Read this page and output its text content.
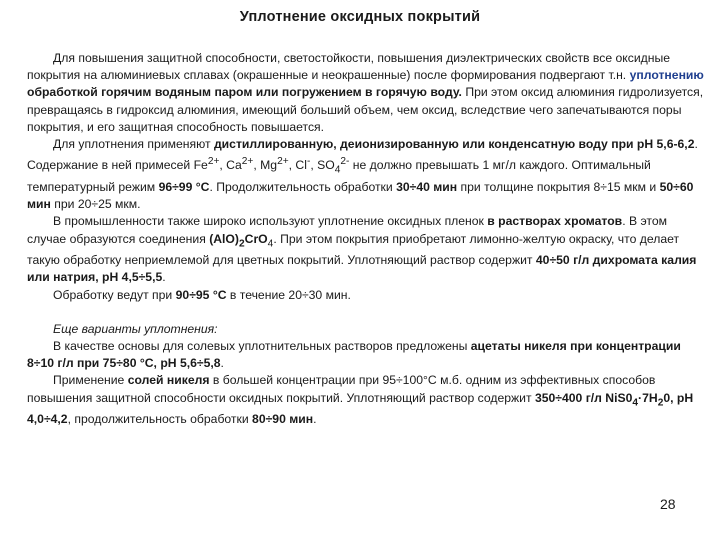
Уплотнение оксидных покрытий

Для повышения защитной способности, светостойкости, повышения диэлектрических свойств все оксидные покрытия на алюминиевых сплавах (окрашенные и неокрашенные) после формирования подвергают т.н. уплотнению обработкой горячим водяным паром или погружением в горячую воду. При этом оксид алюминия гидролизуется, превращаясь в гидроксид алюминия, имеющий больший объем, чем оксид, вследствие чего запечатываются поры покрытия, и его защитная способность повышается.

Для уплотнения применяют дистиллированную, деионизированную или конденсатную воду при рН 5,6-6,2. Содержание в ней примесей $Fe^{2+}$, $Ca^{2+}$, $Mg^{2+}$, Cl-, $SO_4^{2-}$ не должно превышать 1 мг/л каждого. Оптимальный температурный режим 96÷99 °С. Продолжительность обработки 30÷40 мин при толщине покрытия 8÷15 мкм и 50÷60 мин при 20÷25 мкм.

В промышленности также широко используют уплотнение оксидных пленок в растворах хроматов. В этом случае образуются соединения $(AlO)_2CrO_4$. При этом покрытия приобретают лимонно-желтую окраску, что делает такую обработку неприемлемой для цветных покрытий. Уплотняющий раствор содержит 40÷50 г/л дихромата калия или натрия, рН 4,5÷5,5.

Обработку ведут при 90÷95 °С в течение 20÷30 мин.

Еще варианты уплотнения:

В качестве основы для солевых уплотнительных растворов предложены ацетаты никеля при концентрации 8÷10 г/л при 75÷80 °С, рН 5,6÷5,8.

Применение солей никеля в большей концентрации при 95÷100°С м.б. одним из эффективных способов повышения защитной способности оксидных покрытий. Уплотняющий раствор содержит 350÷400 г/л $NiS0_4\cdot 7Н_20$, рН 4,0÷4,2, продолжительность обработки 80÷90 мин.

28
